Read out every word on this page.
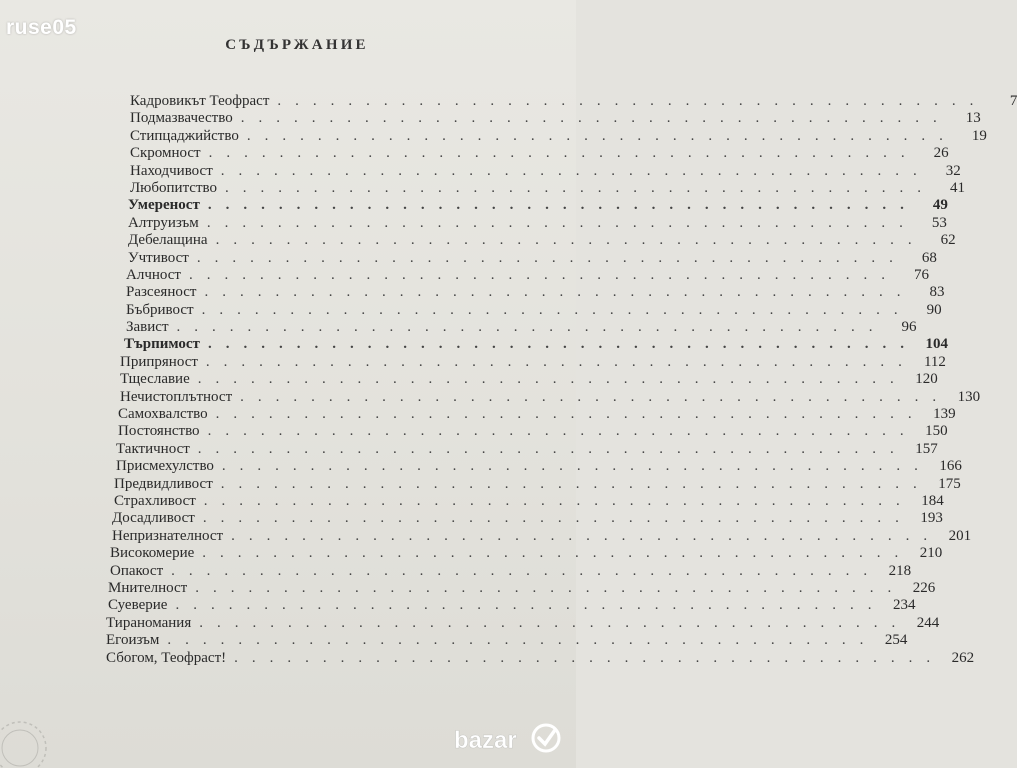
ruse05
СЪДЪРЖАНИЕ
Кадровикът Теофраст ........................................	7
Подмазвачество ........................................	13
Стипцаджийство ........................................	19
Скромност ........................................	26
Находчивост ........................................	32
Любопитство ........................................	41
Умереност ........................................	49
Алтруизъм ........................................	53
Дебелащина ........................................	62
Учтивост ........................................	68
Алчност ........................................	76
Разсеяност ........................................	83
Бъбривост ........................................	90
Завист ........................................	96
Търпимост ........................................ 104
Припряност ........................................ 112
Тщеславие ........................................ 120
Нечистоплътност ........................................ 130
Самохвалство ........................................ 139
Постоянство ........................................ 150
Тактичност ........................................ 157
Присмехулство ........................................ 166
Предвидливост ........................................ 175
Страхливост ........................................ 184
Досадливост ........................................ 193
Непризнателност ........................................ 201
Високомерие ........................................ 210
Опакост ........................................ 218
Мнителност ........................................ 226
Суеверие ........................................ 234
Тираномания ........................................ 244
Егоизъм ........................................ 254
Сбогом, Теофраст! ........................................ 262
bazar
